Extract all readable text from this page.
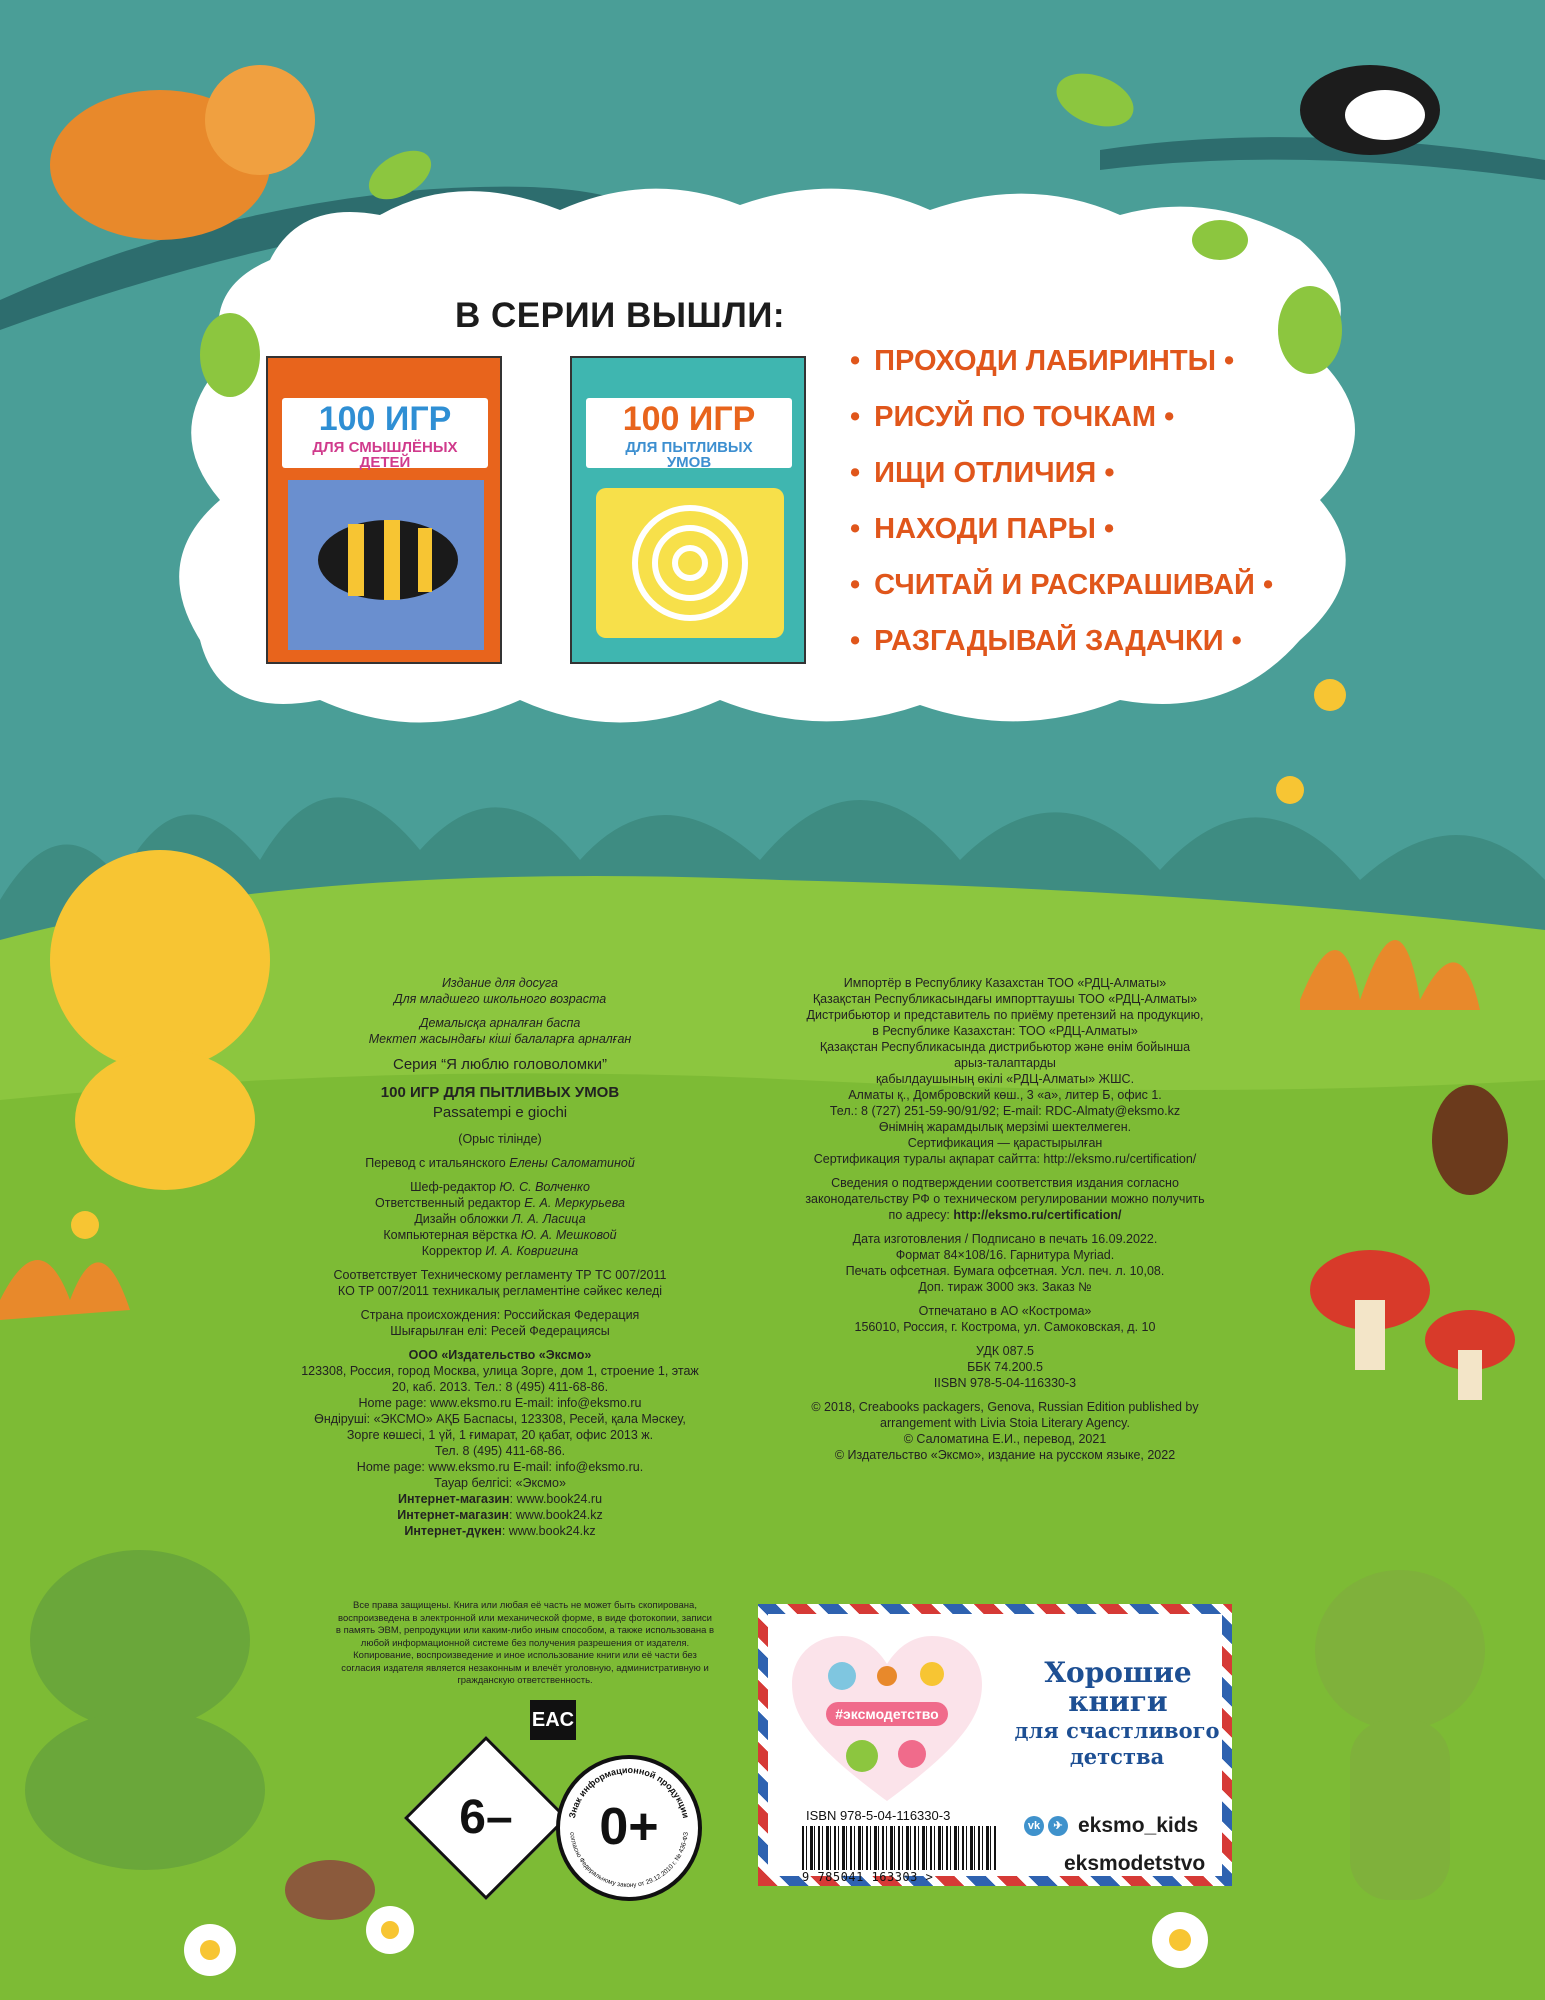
В СЕРИИ ВЫШЛИ:
100 ИГР
ДЛЯ СМЫШЛЁНЫХ
ДЕТЕЙ
100 ИГР
ДЛЯ ПЫТЛИВЫХ
УМОВ
• ПРОХОДИ ЛАБИРИНТЫ •
• РИСУЙ ПО ТОЧКАМ •
• ИЩИ ОТЛИЧИЯ •
• НАХОДИ ПАРЫ •
• СЧИТАЙ И РАСКРАШИВАЙ •
• РАЗГАДЫВАЙ ЗАДАЧКИ •
Издание для досуга
Для младшего школьного возраста
Демалысқа арналған баспа
Мектеп жасындағы кіші балаларға арналған
Серия “Я люблю головоломки”
100 ИГР ДЛЯ ПЫТЛИВЫХ УМОВ
Passatempi e giochi
(Орыс тілінде)
Перевод с итальянского Елены Саломатиной
Шеф-редактор Ю. С. Волченко
Ответственный редактор Е. А. Меркурьева
Дизайн обложки Л. А. Ласица
Компьютерная вёрстка Ю. А. Мешковой
Корректор И. А. Ковригина
Соответствует Техническому регламенту ТР ТС 007/2011
КО ТР 007/2011 техникалық регламентіне сәйкес келеді
Страна происхождения: Российская Федерация
Шығарылған елі: Ресей Федерациясы
ООО «Издательство «Эксмо»
123308, Россия, город Москва, улица Зорге, дом 1, строение 1, этаж
20, каб. 2013. Тел.: 8 (495) 411-68-86.
Home page: www.eksmo.ru E-mail: info@eksmo.ru
Өндіруші: «ЭКСМО» АҚБ Баспасы, 123308, Ресей, қала Мәскеу,
Зорге көшесі, 1 үй, 1 ғимарат, 20 қабат, офис 2013 ж.
Тел. 8 (495) 411-68-86.
Home page: www.eksmo.ru E-mail: info@eksmo.ru.
Тауар белгісі: «Эксмо»
Интернет-магазин: www.book24.ru
Интернет-магазин: www.book24.kz
Интернет-дүкен: www.book24.kz
Импортёр в Республику Казахстан ТОО «РДЦ-Алматы»
Қазақстан Республикасындағы импорттаушы ТОО «РДЦ-Алматы»
Дистрибьютор и представитель по приёму претензий на продукцию,
в Республике Казахстан: ТОО «РДЦ-Алматы»
Қазақстан Республикасында дистрибьютор және өнім бойынша
арыз-талаптарды
қабылдаушының өкілі «РДЦ-Алматы» ЖШС.
Алматы қ., Домбровский көш., 3 «а», литер Б, офис 1.
Тел.: 8 (727) 251-59-90/91/92; E-mail: RDC-Almaty@eksmo.kz
Өнімнің жарамдылық мерзімі шектелмеген.
Сертификация — қарастырылған
Сертификация туралы ақпарат сайтта: http://eksmo.ru/certification/
Сведения о подтверждении соответствия издания согласно
законодательству РФ о техническом регулировании можно получить
по адресу: http://eksmo.ru/certification/
Дата изготовления / Подписано в печать 16.09.2022.
Формат 84×108/16. Гарнитура Myriad.
Печать офсетная. Бумага офсетная. Усл. печ. л. 10,08.
Доп. тираж 3000 экз. Заказ №
Отпечатано в АО «Кострома»
156010, Россия, г. Кострома, ул. Самоковская, д. 10
УДК 087.5
ББК 74.200.5
IISBN 978-5-04-116330-3
© 2018, Creabooks packagers, Genova, Russian Edition published by
arrangement with Livia Stoia Literary Agency.
© Саломатина Е.И., перевод, 2021
© Издательство «Эксмо», издание на русском языке, 2022
Все права защищены. Книга или любая её часть не может быть скопирована, воспроизведена в электронной или механической форме, в виде фотокопии, записи в память ЭВМ, репродукции или каким-либо иным способом, а также использована в любой информационной системе без получения разрешения от издателя. Копирование, воспроизведение и иное использование книги или её части без согласия издателя является незаконным и влечёт уголовную, административную и гражданскую ответственность.
#эксмодетство
Хорошие
книги
для счастливого
детства
ISBN 978-5-04-116330-3
9 785041 163303 >
vk ✈ eksmo_kids
eksmodetstvo
EAC
6–	Знак информационной продукции
согласно Федеральному закону от 29.12.2010 г. № 436-ФЗ
0+
